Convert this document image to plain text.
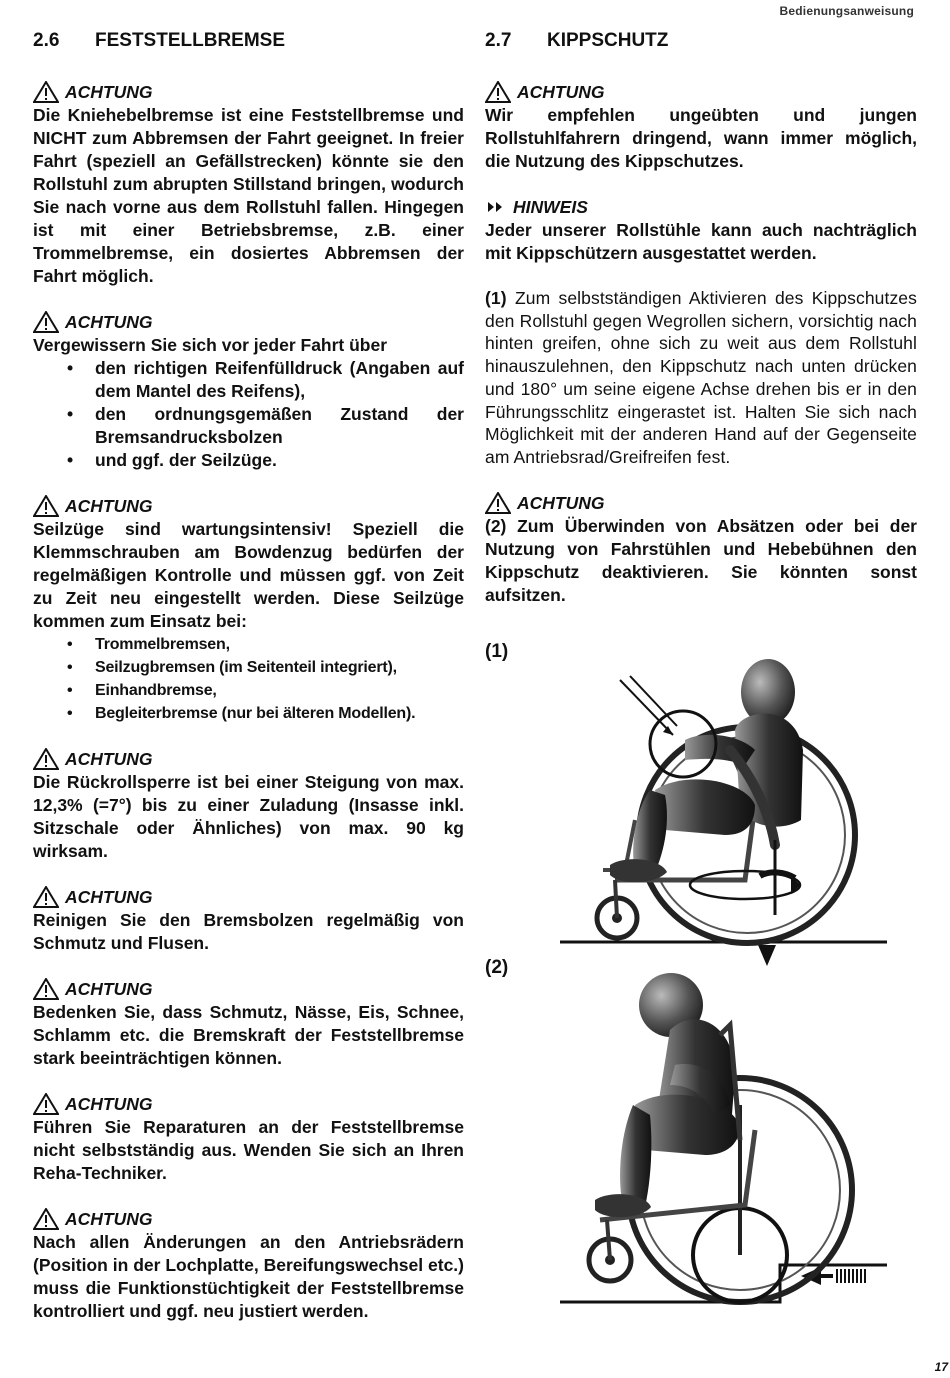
Bedienungsanweisung
2.6	FESTSTELLBREMSE
ACHTUNG
Die Kniehebelbremse ist eine Feststellbremse und NICHT zum Abbremsen der Fahrt geeignet. In freier Fahrt (speziell an Gefällstrecken) könnte sie den Rollstuhl zum abrupten Stillstand bringen, wodurch Sie nach vorne aus dem Rollstuhl fallen. Hingegen ist mit einer Betriebsbremse, z.B. einer Trommelbremse, ein dosiertes Abbremsen der Fahrt möglich.
ACHTUNG
Vergewissern Sie sich vor jeder Fahrt über
• den richtigen Reifenfülldruck (Angaben auf dem Mantel des Reifens),
• den ordnungsgemäßen Zustand der Bremsandrucksbolzen
• und ggf. der Seilzüge.
ACHTUNG
Seilzüge sind wartungsintensiv! Speziell die Klemmschrauben am Bowdenzug bedürfen der regelmäßigen Kontrolle und müssen ggf. von Zeit zu Zeit neu eingestellt werden. Diese Seilzüge kommen zum Einsatz bei:
• Trommelbremsen,
• Seilzugbremsen (im Seitenteil integriert),
• Einhandbremse,
• Begleiterbremse (nur bei älteren Modellen).
ACHTUNG
Die Rückrollsperre ist bei einer Steigung von max. 12,3% (=7°) bis zu einer Zuladung (Insasse inkl. Sitzschale oder Ähnliches) von max. 90 kg wirksam.
ACHTUNG
Reinigen Sie den Bremsbolzen regelmäßig von Schmutz und Flusen.
ACHTUNG
Bedenken Sie, dass Schmutz, Nässe, Eis, Schnee, Schlamm etc. die Bremskraft der Feststellbremse stark beeinträchtigen können.
ACHTUNG
Führen Sie Reparaturen an der Feststellbremse nicht selbstständig aus. Wenden Sie sich an Ihren Reha-Techniker.
ACHTUNG
Nach allen Änderungen an den Antriebsrädern (Position in der Lochplatte, Bereifungswechsel etc.) muss die Funktionstüchtigkeit der Feststellbremse kontrolliert und ggf. neu justiert werden.
2.7	KIPPSCHUTZ
ACHTUNG
Wir empfehlen ungeübten und jungen Rollstuhlfahrern dringend, wann immer möglich, die Nutzung des Kippschutzes.
HINWEIS
Jeder unserer Rollstühle kann auch nachträglich mit Kippschützern ausgestattet werden.
(1) Zum selbstständigen Aktivieren des Kippschutzes den Rollstuhl gegen Wegrollen sichern, vorsichtig nach hinten greifen, ohne sich zu weit aus dem Rollstuhl hinauszulehnen, den Kippschutz nach unten drücken und 180° um seine eigene Achse drehen bis er in den Führungsschlitz eingerastet ist. Halten Sie sich nach Möglichkeit mit der anderen Hand auf der Gegenseite am Antriebsrad/Greifreifen fest.
ACHTUNG
(2) Zum Überwinden von Absätzen oder bei der Nutzung von Fahrstühlen und Hebebühnen den Kippschutz deaktivieren. Sie könnten sonst aufsitzen.
(1)
(2)
17
